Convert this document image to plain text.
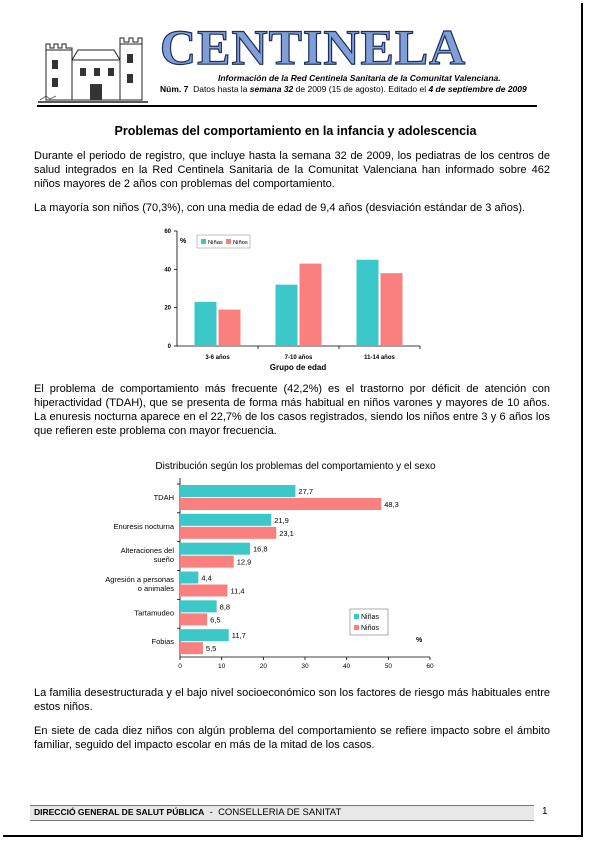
CENTINELA
Información de la Red Centinela Sanitaria de la Comunitat Valenciana.
Núm. 7 Datos hasta la semana 32 de 2009 (15 de agosto). Editado el 4 de septiembre de 2009
Problemas del comportamiento en la infancia y adolescencia

Durante el periodo de registro, que incluye hasta la semana 32 de 2009, los pediatras de los centros de salud integrados en la Red Centinela Sanitaria de la Comunitat Valenciana han informado sobre 462 niños mayores de 2 años con problemas del comportamiento.

La mayoría son niños (70,3%), con una media de edad de 9,4 años (desviación estándar de 3 años).

%	Niñas Niños
0
20
40
60
3-6 años	7-10 años	11-14 años
Grupo de edad

El problema de comportamiento más frecuente (42,2%) es el trastorno por déficit de atención con hiperactividad (TDAH), que se presenta de forma más habitual en niños varones y mayores de 10 años. La enuresis nocturna aparece en el 22,7% de los casos registrados, siendo los niños entre 3 y 6 años los que refieren este problema con mayor frecuencia.

Distribución según los problemas del comportamiento y el sexo
27,7
48,3
21,9
23,1
16,8
12,9
4,4
11,4
8,8
6,5
11,7
5,5
TDAH
Enuresis nocturna
Alteraciones del sueño
Agresión a personas o animales
Tartamudeo
Fobias
0	10	20	30	40	50	60
Niñas
Niños
%

La familia desestructurada y el bajo nivel socioeconómico son los factores de riesgo más habituales entre estos niños.

En siete de cada diez niños con algún problema del comportamiento se refiere impacto sobre el ámbito familiar, seguido del impacto escolar en más de la mitad de los casos.

DIRECCIÓ GENERAL DE SALUT PÚBLICA - CONSELLERIA DE SANITAT	1
